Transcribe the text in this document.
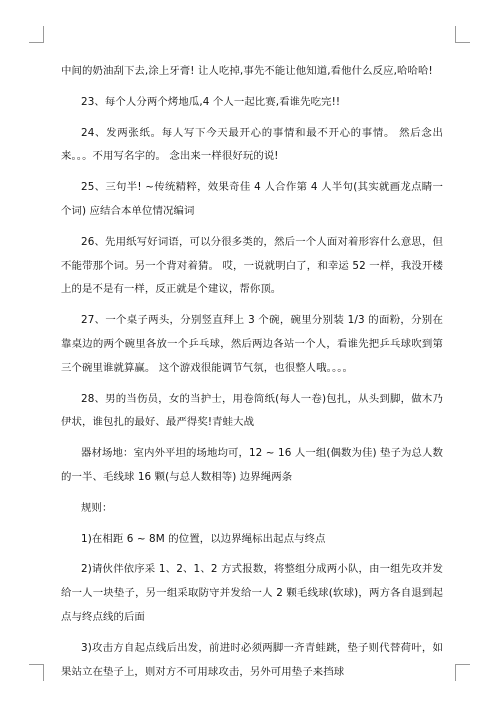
中间的奶油刮下去,涂上牙膏! 让人吃掉,事先不能让他知道,看他什么反应,哈哈哈!

23、每个人分两个烤地瓜,4 个人一起比赛,看谁先吃完!!

24、发两张纸。每人写下今天最开心的事情和最不开心的事情。 然后念出来。。。不用写名字的。 念出来一样很好玩的说!

25、三句半! ~传统精粹，效果奇佳 4 人合作第 4 人半句(其实就画龙点睛一个词) 应结合本单位情况编词

26、先用纸写好词语，可以分很多类的，然后一个人面对着形容什么意思，但不能带那个词。另一个背对着猜。 哎，一说就明白了，和幸运 52 一样，我没开楼上的是不是有一样，反正就是个建议，帮你顶。

27、一个桌子两头，分别竖直拜上 3 个碗，碗里分别装 1/3 的面粉，分别在靠桌边的两个碗里各放一个乒乓球，然后两边各站一个人，看谁先把乒乓球吹到第三个碗里谁就算赢。 这个游戏很能调节气氛，也很整人哦。。。。

28、男的当伤员，女的当护士，用卷筒纸(每人一卷)包扎，从头到脚，做木乃伊状，谁包扎的最好、最严得奖!青蛙大战

器材场地：室内外平坦的场地均可，12 ~ 16 人一组(偶数为佳) 垫子为总人数的一半、毛线球 16 颗(与总人数相等) 边界绳两条

规则：

1)在相距 6 ~ 8M 的位置，以边界绳标出起点与终点

2)请伙伴依序采 1、2、1、2 方式报数，将整组分成两小队，由一组先攻并发给一人一块垫子，另一组采取防守并发给一人 2 颗毛线球(软球)，两方各自退到起点与终点线的后面

3)攻击方自起点线后出发，前进时必须两脚一齐青蛙跳，垫子则代替荷叶，如果站立在垫子上，则对方不可用球攻击，另外可用垫子来挡球
